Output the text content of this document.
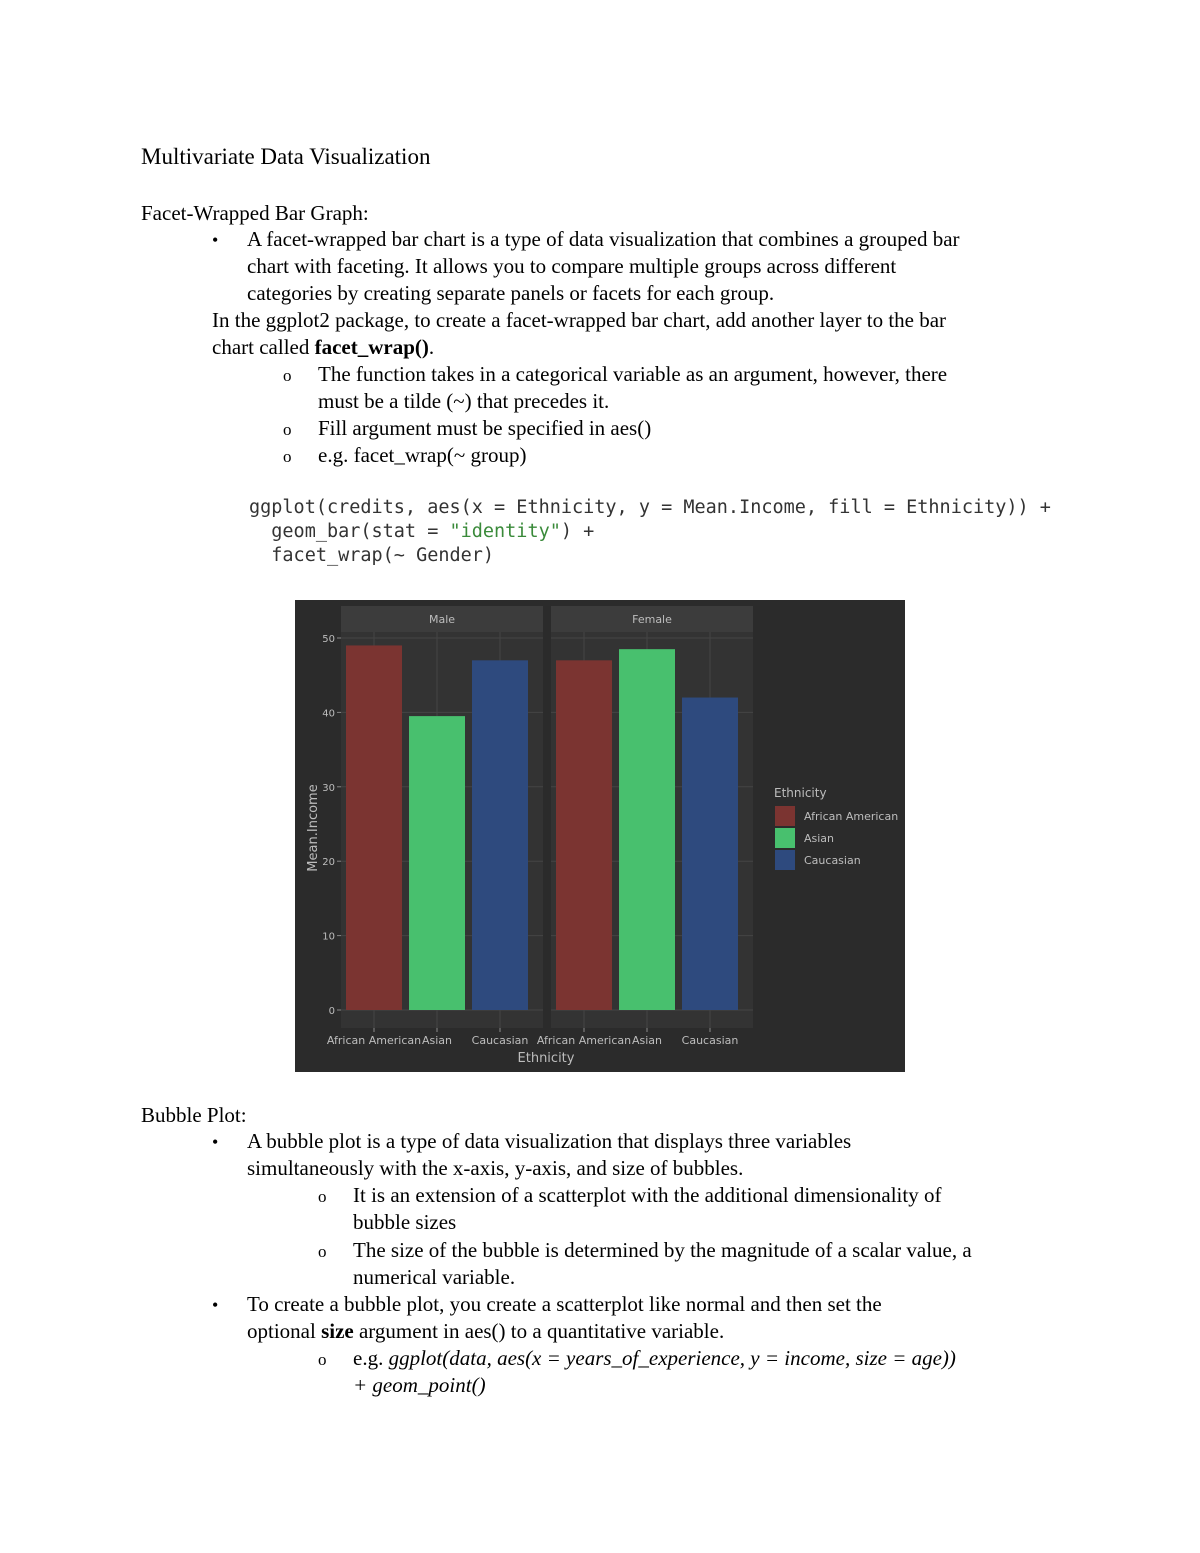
Multivariate Data Visualization
Facet-Wrapped Bar Graph:
• A facet-wrapped bar chart is a type of data visualization that combines a grouped bar
chart with faceting. It allows you to compare multiple groups across different
categories by creating separate panels or facets for each group.
In the ggplot2 package, to create a facet-wrapped bar chart, add another layer to the bar
chart called facet_wrap().
o The function takes in a categorical variable as an argument, however, there
must be a tilde (~) that precedes it.
o Fill argument must be specified in aes()
o e.g. facet_wrap(~ group)
ggplot(credits, aes(x = Ethnicity, y = Mean.Income, fill = Ethnicity)) +
geom_bar(stat = "identity") +
facet_wrap(~ Gender)
Male	Female
0
10
20
30
40
50
African American Asian Caucasian African American Asian Caucasian
Mean.Income
Ethnicity
Ethnicity
African American
Asian
Caucasian
Bubble Plot:
• A bubble plot is a type of data visualization that displays three variables
simultaneously with the x-axis, y-axis, and size of bubbles.
o It is an extension of a scatterplot with the additional dimensionality of
bubble sizes
o The size of the bubble is determined by the magnitude of a scalar value, a
numerical variable.
• To create a bubble plot, you create a scatterplot like normal and then set the
optional size argument in aes() to a quantitative variable.
o e.g. ggplot(data, aes(x = years_of_experience, y = income, size = age))
+ geom_point()
